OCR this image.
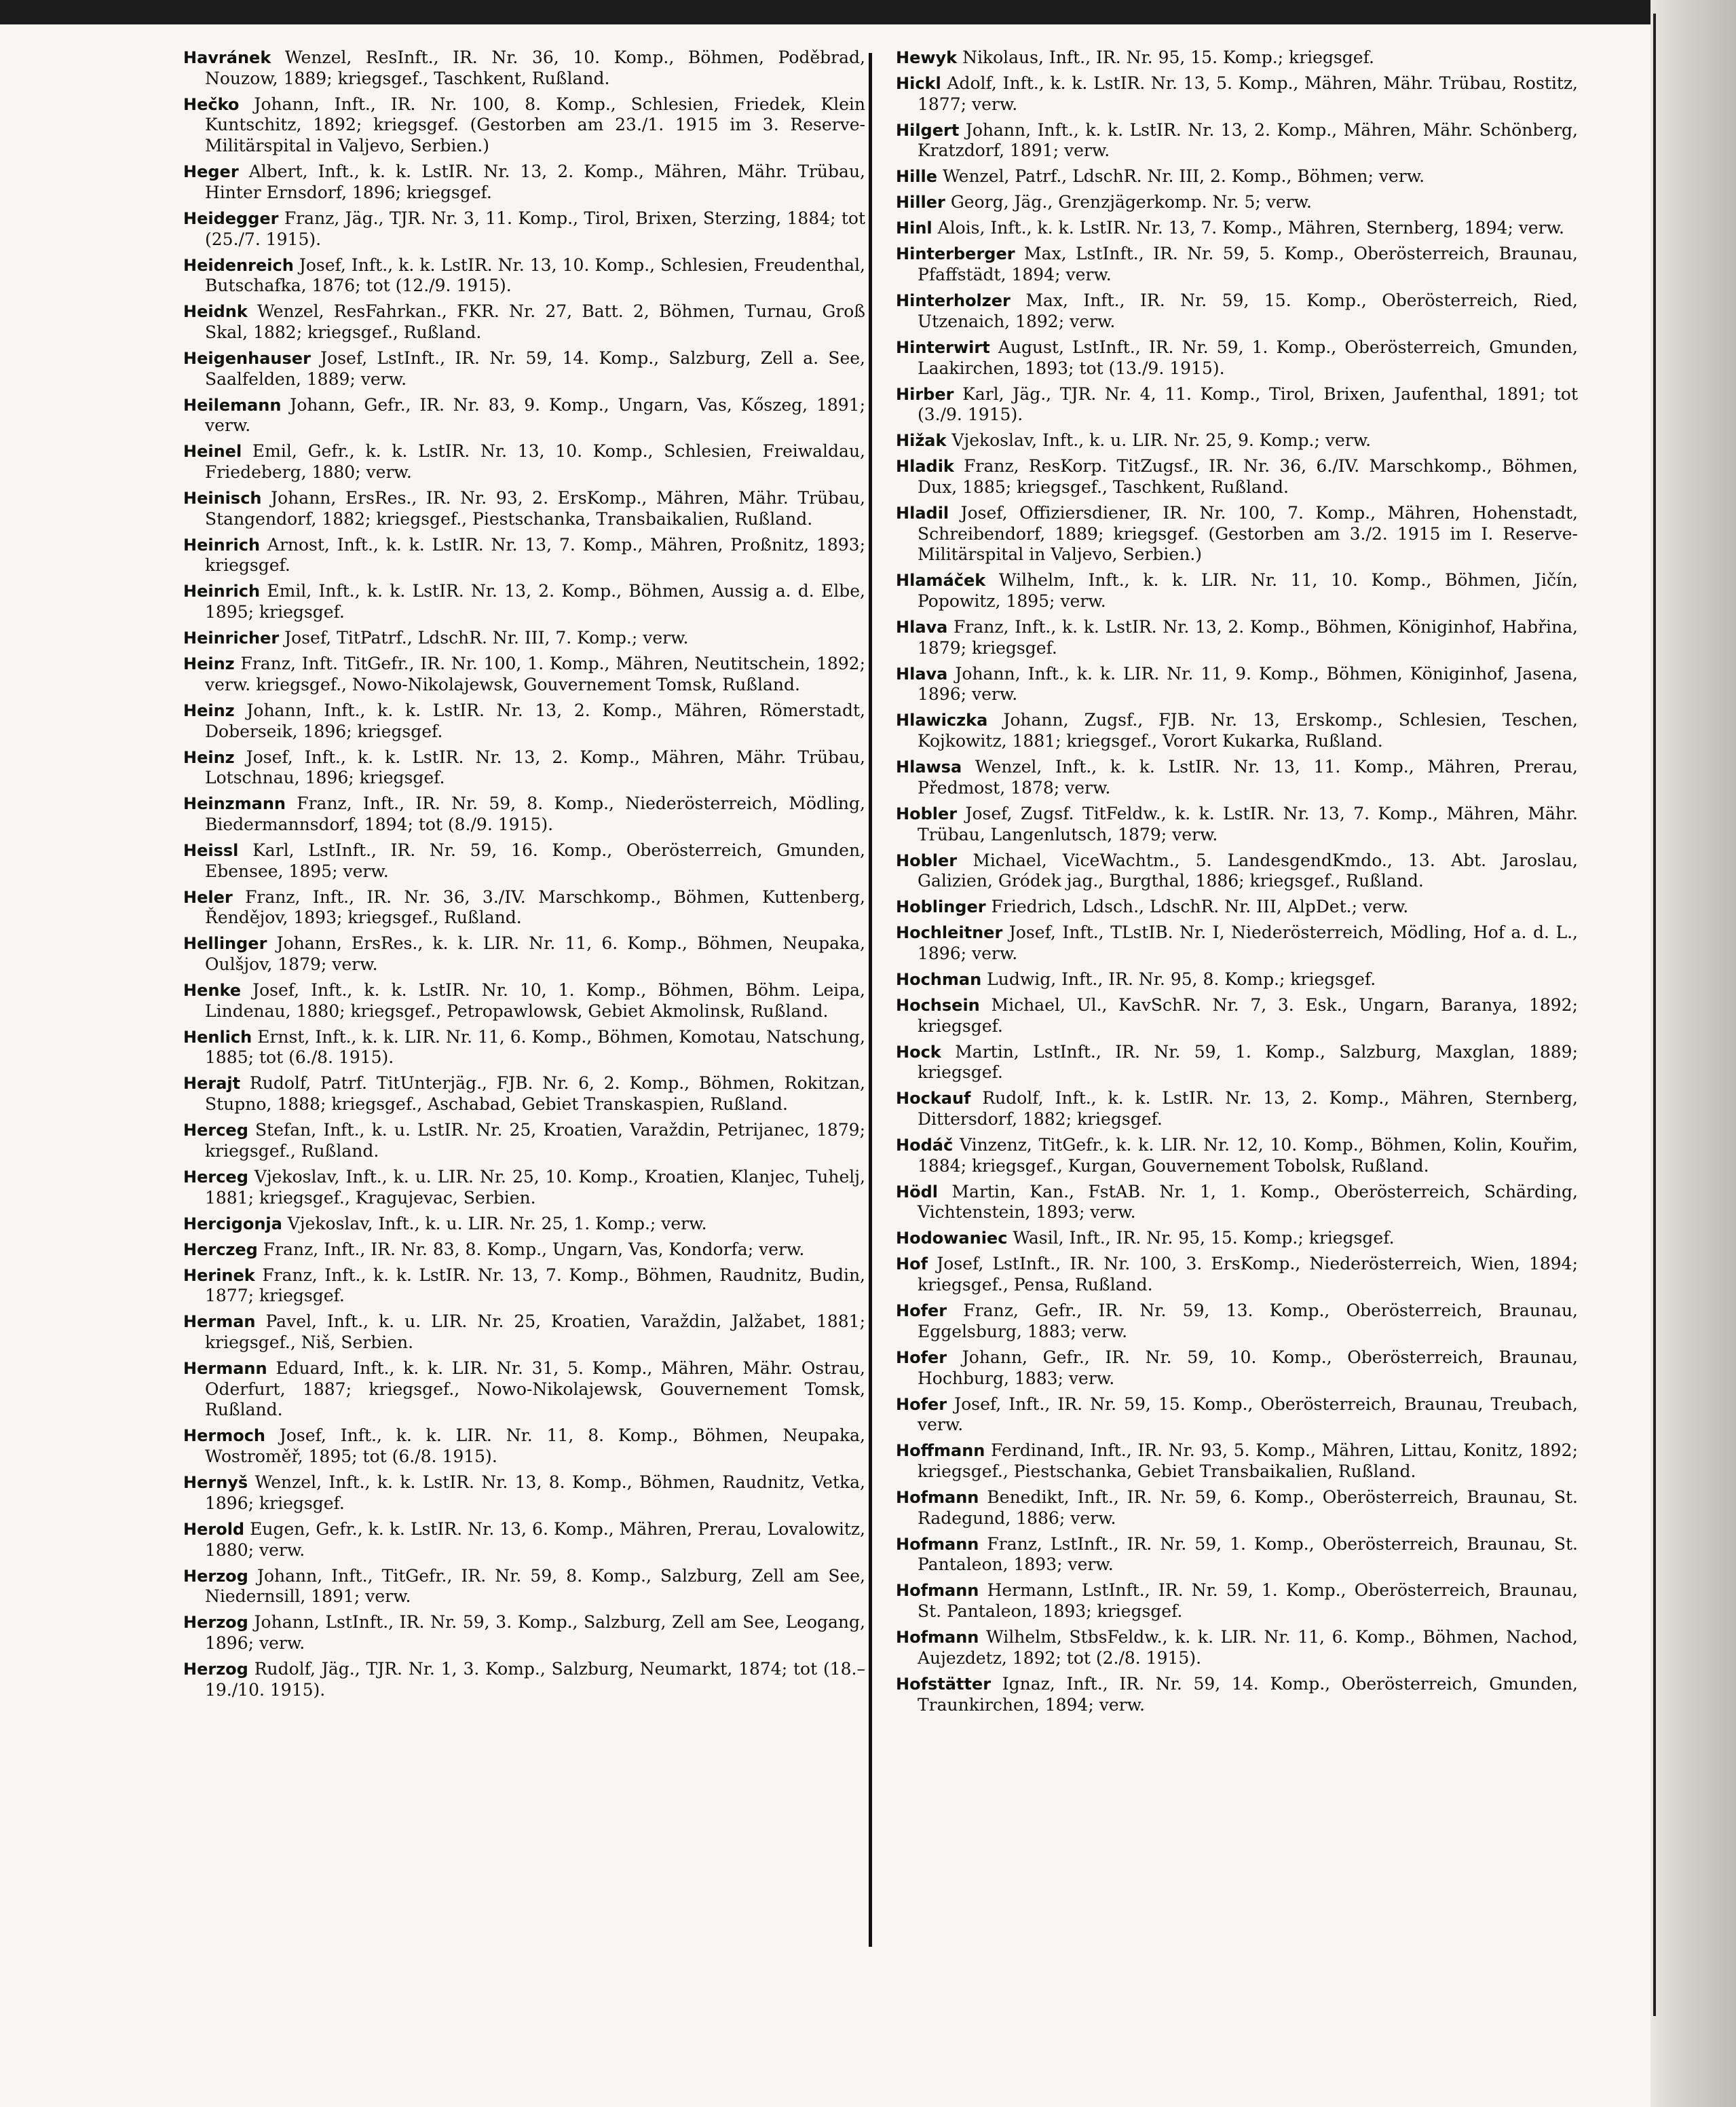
Havránek Wenzel, ResInft., IR. Nr. 36, 10. Komp., Böhmen, Poděbrad, Nouzow, 1889; kriegsgef., Taschkent, Rußland.

Hečko Johann, Inft., IR. Nr. 100, 8. Komp., Schlesien, Friedek, Klein Kuntschitz, 1892; kriegsgef. (Gestorben am 23./1. 1915 im 3. Reserve-Militärspital in Valjevo, Serbien.)

Heger Albert, Inft., k. k. LstIR. Nr. 13, 2. Komp., Mähren, Mähr. Trübau, Hinter Ernsdorf, 1896; kriegsgef.

Heidegger Franz, Jäg., TJR. Nr. 3, 11. Komp., Tirol, Brixen, Sterzing, 1884; tot (25./7. 1915).

Heidenreich Josef, Inft., k. k. LstIR. Nr. 13, 10. Komp., Schlesien, Freudenthal, Butschafka, 1876; tot (12./9. 1915).

Heidnk Wenzel, ResFahrkan., FKR. Nr. 27, Batt. 2, Böhmen, Turnau, Groß Skal, 1882; kriegsgef., Rußland.

Heigenhauser Josef, LstInft., IR. Nr. 59, 14. Komp., Salzburg, Zell a. See, Saalfelden, 1889; verw.

Heilemann Johann, Gefr., IR. Nr. 83, 9. Komp., Ungarn, Vas, Kőszeg, 1891; verw.

Heinel Emil, Gefr., k. k. LstIR. Nr. 13, 10. Komp., Schlesien, Freiwaldau, Friedeberg, 1880; verw.

Heinisch Johann, ErsRes., IR. Nr. 93, 2. ErsKomp., Mähren, Mähr. Trübau, Stangendorf, 1882; kriegsgef., Piestschanka, Transbaikalien, Rußland.

Heinrich Arnost, Inft., k. k. LstIR. Nr. 13, 7. Komp., Mähren, Proßnitz, 1893; kriegsgef.

Heinrich Emil, Inft., k. k. LstIR. Nr. 13, 2. Komp., Böhmen, Aussig a. d. Elbe, 1895; kriegsgef.

Heinricher Josef, TitPatrf., LdschR. Nr. III, 7. Komp.; verw.

Heinz Franz, Inft. TitGefr., IR. Nr. 100, 1. Komp., Mähren, Neutitschein, 1892; verw. kriegsgef., Nowo-Nikolajewsk, Gouvernement Tomsk, Rußland.

Heinz Johann, Inft., k. k. LstIR. Nr. 13, 2. Komp., Mähren, Römerstadt, Doberseik, 1896; kriegsgef.

Heinz Josef, Inft., k. k. LstIR. Nr. 13, 2. Komp., Mähren, Mähr. Trübau, Lotschnau, 1896; kriegsgef.

Heinzmann Franz, Inft., IR. Nr. 59, 8. Komp., Niederösterreich, Mödling, Biedermannsdorf, 1894; tot (8./9. 1915).

Heissl Karl, LstInft., IR. Nr. 59, 16. Komp., Oberösterreich, Gmunden, Ebensee, 1895; verw.

Heler Franz, Inft., IR. Nr. 36, 3./IV. Marschkomp., Böhmen, Kuttenberg, Řendějov, 1893; kriegsgef., Rußland.

Hellinger Johann, ErsRes., k. k. LIR. Nr. 11, 6. Komp., Böhmen, Neupaka, Oulšjov, 1879; verw.

Henke Josef, Inft., k. k. LstIR. Nr. 10, 1. Komp., Böhmen, Böhm. Leipa, Lindenau, 1880; kriegsgef., Petropawlowsk, Gebiet Akmolinsk, Rußland.

Henlich Ernst, Inft., k. k. LIR. Nr. 11, 6. Komp., Böhmen, Komotau, Natschung, 1885; tot (6./8. 1915).

Herajt Rudolf, Patrf. TitUnterjäg., FJB. Nr. 6, 2. Komp., Böhmen, Rokitzan, Stupno, 1888; kriegsgef., Aschabad, Gebiet Transkaspien, Rußland.

Herceg Stefan, Inft., k. u. LstIR. Nr. 25, Kroatien, Varaždin, Petrijanec, 1879; kriegsgef., Rußland.

Herceg Vjekoslav, Inft., k. u. LIR. Nr. 25, 10. Komp., Kroatien, Klanjec, Tuhelj, 1881; kriegsgef., Kragujevac, Serbien.

Hercigonja Vjekoslav, Inft., k. u. LIR. Nr. 25, 1. Komp.; verw.

Herczeg Franz, Inft., IR. Nr. 83, 8. Komp., Ungarn, Vas, Kondorfa; verw.

Herinek Franz, Inft., k. k. LstIR. Nr. 13, 7. Komp., Böhmen, Raudnitz, Budin, 1877; kriegsgef.

Herman Pavel, Inft., k. u. LIR. Nr. 25, Kroatien, Varaždin, Jalžabet, 1881; kriegsgef., Niš, Serbien.

Hermann Eduard, Inft., k. k. LIR. Nr. 31, 5. Komp., Mähren, Mähr. Ostrau, Oderfurt, 1887; kriegsgef., Nowo-Nikolajewsk, Gouvernement Tomsk, Rußland.

Hermoch Josef, Inft., k. k. LIR. Nr. 11, 8. Komp., Böhmen, Neupaka, Wostroměř, 1895; tot (6./8. 1915).

Hernyš Wenzel, Inft., k. k. LstIR. Nr. 13, 8. Komp., Böhmen, Raudnitz, Vetka, 1896; kriegsgef.

Herold Eugen, Gefr., k. k. LstIR. Nr. 13, 6. Komp., Mähren, Prerau, Lovalowitz, 1880; verw.

Herzog Johann, Inft., TitGefr., IR. Nr. 59, 8. Komp., Salzburg, Zell am See, Niedernsill, 1891; verw.

Herzog Johann, LstInft., IR. Nr. 59, 3. Komp., Salzburg, Zell am See, Leogang, 1896; verw.

Herzog Rudolf, Jäg., TJR. Nr. 1, 3. Komp., Salzburg, Neumarkt, 1874; tot (18.–19./10. 1915).

Hewyk Nikolaus, Inft., IR. Nr. 95, 15. Komp.; kriegsgef.

Hickl Adolf, Inft., k. k. LstIR. Nr. 13, 5. Komp., Mähren, Mähr. Trübau, Rostitz, 1877; verw.

Hilgert Johann, Inft., k. k. LstIR. Nr. 13, 2. Komp., Mähren, Mähr. Schönberg, Kratzdorf, 1891; verw.

Hille Wenzel, Patrf., LdschR. Nr. III, 2. Komp., Böhmen; verw.

Hiller Georg, Jäg., Grenzjägerkomp. Nr. 5; verw.

Hinl Alois, Inft., k. k. LstIR. Nr. 13, 7. Komp., Mähren, Sternberg, 1894; verw.

Hinterberger Max, LstInft., IR. Nr. 59, 5. Komp., Oberösterreich, Braunau, Pfaffstädt, 1894; verw.

Hinterholzer Max, Inft., IR. Nr. 59, 15. Komp., Oberösterreich, Ried, Utzenaich, 1892; verw.

Hinterwirt August, LstInft., IR. Nr. 59, 1. Komp., Oberösterreich, Gmunden, Laakirchen, 1893; tot (13./9. 1915).

Hirber Karl, Jäg., TJR. Nr. 4, 11. Komp., Tirol, Brixen, Jaufenthal, 1891; tot (3./9. 1915).

Hižak Vjekoslav, Inft., k. u. LIR. Nr. 25, 9. Komp.; verw.

Hladik Franz, ResKorp. TitZugsf., IR. Nr. 36, 6./IV. Marschkomp., Böhmen, Dux, 1885; kriegsgef., Taschkent, Rußland.

Hladil Josef, Offiziersdiener, IR. Nr. 100, 7. Komp., Mähren, Hohenstadt, Schreibendorf, 1889; kriegsgef. (Gestorben am 3./2. 1915 im I. Reserve-Militärspital in Valjevo, Serbien.)

Hlamáček Wilhelm, Inft., k. k. LIR. Nr. 11, 10. Komp., Böhmen, Jičín, Popowitz, 1895; verw.

Hlava Franz, Inft., k. k. LstIR. Nr. 13, 2. Komp., Böhmen, Königinhof, Habřina, 1879; kriegsgef.

Hlava Johann, Inft., k. k. LIR. Nr. 11, 9. Komp., Böhmen, Königinhof, Jasena, 1896; verw.

Hlawiczka Johann, Zugsf., FJB. Nr. 13, Erskomp., Schlesien, Teschen, Kojkowitz, 1881; kriegsgef., Vorort Kukarka, Rußland.

Hlawsa Wenzel, Inft., k. k. LstIR. Nr. 13, 11. Komp., Mähren, Prerau, Předmost, 1878; verw.

Hobler Josef, Zugsf. TitFeldw., k. k. LstIR. Nr. 13, 7. Komp., Mähren, Mähr. Trübau, Langenlutsch, 1879; verw.

Hobler Michael, ViceWachtm., 5. LandesgendKmdo., 13. Abt. Jaroslau, Galizien, Gródek jag., Burgthal, 1886; kriegsgef., Rußland.

Hoblinger Friedrich, Ldsch., LdschR. Nr. III, AlpDet.; verw.

Hochleitner Josef, Inft., TLstIB. Nr. I, Niederösterreich, Mödling, Hof a. d. L., 1896; verw.

Hochman Ludwig, Inft., IR. Nr. 95, 8. Komp.; kriegsgef.

Hochsein Michael, Ul., KavSchR. Nr. 7, 3. Esk., Ungarn, Baranya, 1892; kriegsgef.

Hock Martin, LstInft., IR. Nr. 59, 1. Komp., Salzburg, Maxglan, 1889; kriegsgef.

Hockauf Rudolf, Inft., k. k. LstIR. Nr. 13, 2. Komp., Mähren, Sternberg, Dittersdorf, 1882; kriegsgef.

Hodáč Vinzenz, TitGefr., k. k. LIR. Nr. 12, 10. Komp., Böhmen, Kolin, Kouřim, 1884; kriegsgef., Kurgan, Gouvernement Tobolsk, Rußland.

Hödl Martin, Kan., FstAB. Nr. 1, 1. Komp., Oberösterreich, Schärding, Vichtenstein, 1893; verw.

Hodowaniec Wasil, Inft., IR. Nr. 95, 15. Komp.; kriegsgef.

Hof Josef, LstInft., IR. Nr. 100, 3. ErsKomp., Niederösterreich, Wien, 1894; kriegsgef., Pensa, Rußland.

Hofer Franz, Gefr., IR. Nr. 59, 13. Komp., Oberösterreich, Braunau, Eggelsburg, 1883; verw.

Hofer Johann, Gefr., IR. Nr. 59, 10. Komp., Oberösterreich, Braunau, Hochburg, 1883; verw.

Hofer Josef, Inft., IR. Nr. 59, 15. Komp., Oberösterreich, Braunau, Treubach, verw.

Hoffmann Ferdinand, Inft., IR. Nr. 93, 5. Komp., Mähren, Littau, Konitz, 1892; kriegsgef., Piestschanka, Gebiet Transbaikalien, Rußland.

Hofmann Benedikt, Inft., IR. Nr. 59, 6. Komp., Oberösterreich, Braunau, St. Radegund, 1886; verw.

Hofmann Franz, LstInft., IR. Nr. 59, 1. Komp., Oberösterreich, Braunau, St. Pantaleon, 1893; verw.

Hofmann Hermann, LstInft., IR. Nr. 59, 1. Komp., Oberösterreich, Braunau, St. Pantaleon, 1893; kriegsgef.

Hofmann Wilhelm, StbsFeldw., k. k. LIR. Nr. 11, 6. Komp., Böhmen, Nachod, Aujezdetz, 1892; tot (2./8. 1915).

Hofstätter Ignaz, Inft., IR. Nr. 59, 14. Komp., Oberösterreich, Gmunden, Traunkirchen, 1894; verw.
